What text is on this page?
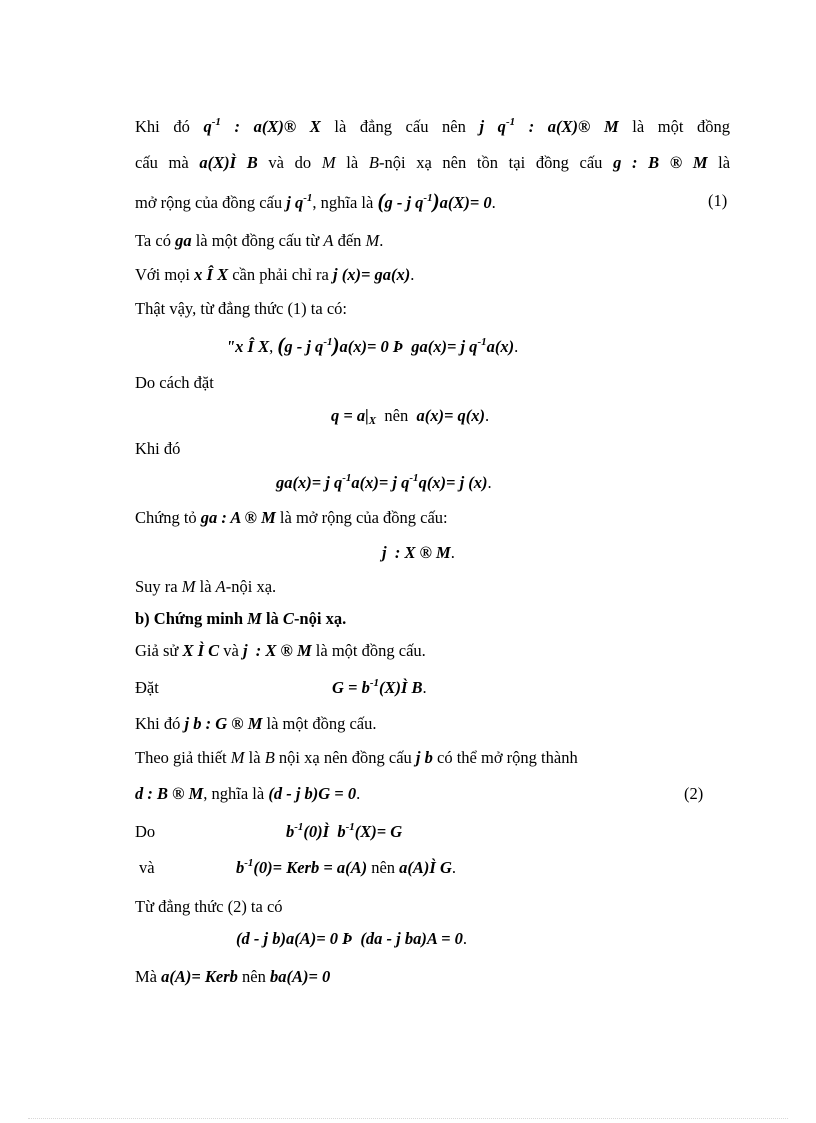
Khi đó $q^{-1}$ : a(X)® X là đẳng cấu nên j $q^{-1}$ : a(X)® M là một đồng
cấu mà a(X)Ì B và do M là B-nội xạ nên tồn tại đồng cấu g : B ® M là
mở rộng của đồng cấu j $q^{-1}$, nghĩa là (g - j $q^{-1})a(X)= 0$.	(1)
Ta có ga là một đồng cấu từ A đến M.
Với mọi x Î X cần phải chỉ ra j (x)= ga(x).
Thật vậy, từ đẳng thức (1) ta có:
"x Î X, (g - j $q^{-1})a(x)= 0$ Þ  ga(x)= j $q^{-1}a(x)$.
Do cách đặt
$q = a|_X$ nên a(x)= q(x).
Khi đó
ga(x)= j $q^{-1}a(x)= j$ $q^{-1}q(x)= j$ (x).
Chứng tỏ ga : A ® M là mở rộng của đồng cấu:
j  : X ® M.
Suy ra M là A-nội xạ.
b) Chứng minh M là C-nội xạ.
Giả sử X Ì C và j  : X ® M là một đồng cấu.
Đặt	$G = b^{-1}(X)Ì$ B.
Khi đó j b : G ® M là một đồng cấu.
Theo giả thiết M là B nội xạ nên đồng cấu j b có thể mở rộng thành
d : B ® M, nghĩa là (d - j b)G = 0.	(2)
Do	$b^{-1}(0)Ì$  $b^{-1}(X)= G$
và	$b^{-1}(0)=$ Kerb = a(A) nên a(A)Ì G.
Từ đẳng thức (2) ta có
(d - j b)a(A)= 0 Þ  (da - j ba)A = 0.
Mà a(A)= Kerb nên ba(A)= 0
